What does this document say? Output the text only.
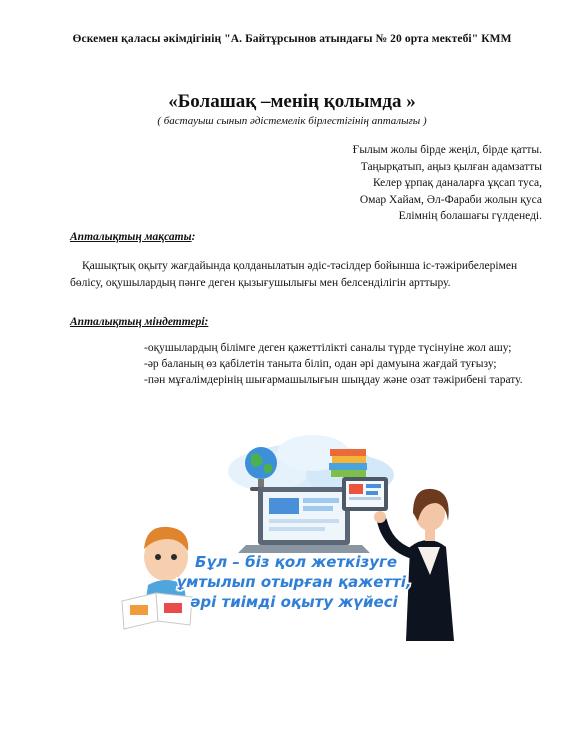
Өскемен қаласы әкімдігінің "А. Байтұрсынов атындағы № 20 орта мектебі" КММ
«Болашақ –менің қолымда »
( бастауыш сынып әдістемелік бірлестігінің апталығы )
Ғылым жолы бірде жеңіл, бірде қатты.
Таңырқатып, аңыз қылған адамзатты
Келер ұрпақ даналарға ұқсап туса,
Омар Хайам, Әл-Фараби жолын қуса
Елімнің болашағы гүлденеді.
Апталықтың мақсаты:
Қашықтық оқыту жағдайында қолданылатын әдіс-тәсілдер бойынша іс-тәжірибелерімен бөлісу, оқушылардың пәнге деген қызығушылығы мен белсенділігін арттыру.
Апталықтың міндеттері:
-оқушылардың білімге деген қажеттілікті саналы түрде түсінуіне жол ашу;
-әр баланың өз қабілетін таныта біліп, одан әрі дамуына жағдай туғызу;
-пән мұғалімдерінің шығармашылығын шыңдау және озат тәжірибені тарату.
Бұл – біз қол жеткізуге
ұмтылып отырған қажетті,
әрі тиімді оқыту жүйесі
